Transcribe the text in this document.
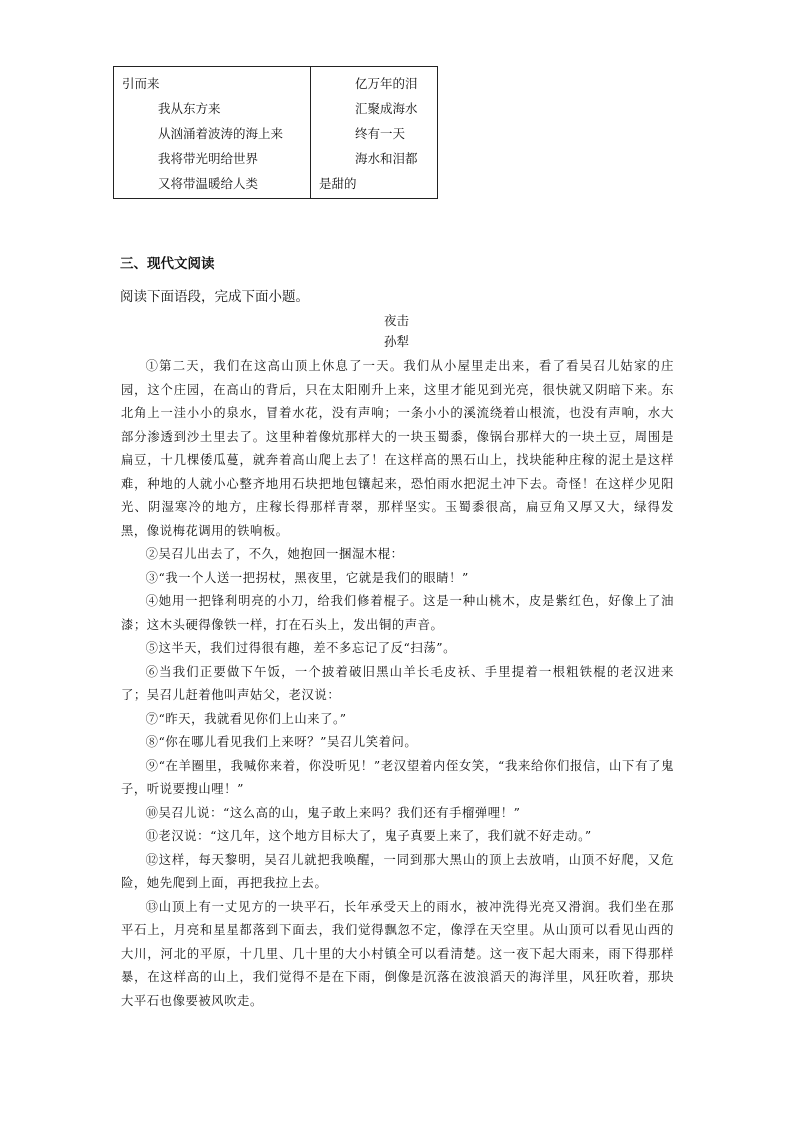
引而来
我从东方来
从汹涌着波涛的海上来
我将带光明给世界
又将带温暖给人类
亿万年的泪
汇聚成海水
终有一天
海水和泪都
是甜的
三、现代文阅读
阅读下面语段，完成下面小题。
夜击
孙犁

①第二天，我们在这高山顶上休息了一天。我们从小屋里走出来，看了看吴召儿姑家的庄园，这个庄园，在高山的背后，只在太阳刚升上来，这里才能见到光亮，很快就又阴暗下来。东北角上一洼小小的泉水，冒着水花，没有声响；一条小小的溪流绕着山根流，也没有声响，水大部分渗透到沙土里去了。这里种着像炕那样大的一块玉蜀黍，像锅台那样大的一块土豆，周围是扁豆，十几棵倭瓜蔓，就奔着高山爬上去了！在这样高的黑石山上，找块能种庄稼的泥土是这样难，种地的人就小心整齐地用石块把地包镶起来，恐怕雨水把泥土冲下去。奇怪！在这样少见阳光、阴湿寒冷的地方，庄稼长得那样青翠，那样坚实。玉蜀黍很高，扁豆角又厚又大，绿得发黑，像说梅花调用的铁响板。

②吴召儿出去了，不久，她抱回一捆湿木棍：

③“我一个人送一把拐杖，黑夜里，它就是我们的眼睛！”

④她用一把锋利明亮的小刀，给我们修着棍子。这是一种山桃木，皮是紫红色，好像上了油漆；这木头硬得像铁一样，打在石头上，发出铜的声音。

⑤这半天，我们过得很有趣，差不多忘记了反“扫荡”。

⑥当我们正要做下午饭，一个披着破旧黑山羊长毛皮袄、手里提着一根粗铁棍的老汉进来了；吴召儿赶着他叫声姑父，老汉说：

⑦“昨天，我就看见你们上山来了。”

⑧“你在哪儿看见我们上来呀？”吴召儿笑着问。

⑨“在羊圈里，我喊你来着，你没听见！”老汉望着内侄女笑，“我来给你们报信，山下有了鬼子，听说要搜山哩！”

⑩吴召儿说：“这么高的山，鬼子敢上来吗？我们还有手榴弹哩！”

⑪老汉说：“这几年，这个地方目标大了，鬼子真要上来了，我们就不好走动。”

⑫这样，每天黎明，吴召儿就把我唤醒，一同到那大黑山的顶上去放哨，山顶不好爬，又危险，她先爬到上面，再把我拉上去。

⑬山顶上有一丈见方的一块平石，长年承受天上的雨水，被冲洗得光亮又滑润。我们坐在那平石上，月亮和星星都落到下面去，我们觉得飘忽不定，像浮在天空里。从山顶可以看见山西的大川，河北的平原，十几里、几十里的大小村镇全可以看清楚。这一夜下起大雨来，雨下得那样暴，在这样高的山上，我们觉得不是在下雨，倒像是沉落在波浪滔天的海洋里，风狂吹着，那块大平石也像要被风吹走。
